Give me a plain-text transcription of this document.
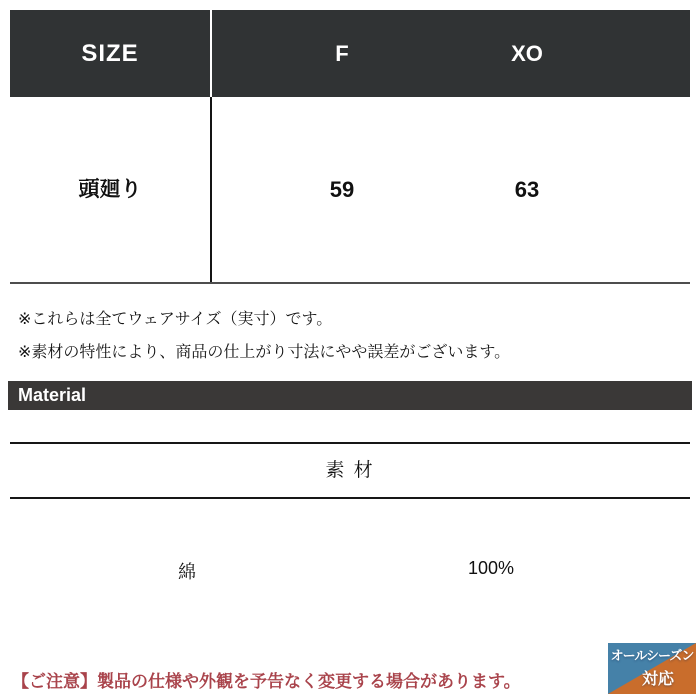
SIZE	F	XO
頭廻り	59	63

※これらは全てウェアサイズ（実寸）です。

※素材の特性により、商品の仕上がり寸法にやや誤差がございます。

Material
素 材
綿	100%
【ご注意】製品の仕様や外観を予告なく変更する場合があります。
オールシーズン
対応
